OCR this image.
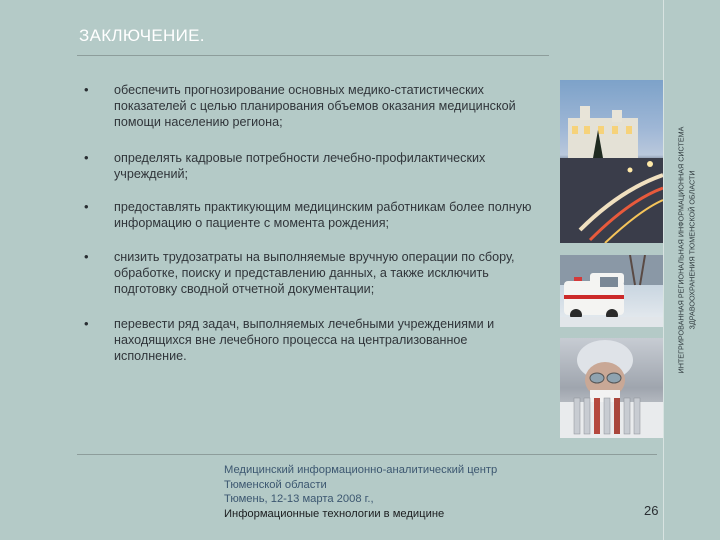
ЗАКЛЮЧЕНИЕ.
• обеспечить прогнозирование основных медико-статистических показателей с целью планирования объемов оказания медицинской помощи населению региона;
• определять кадровые потребности лечебно-профилактических учреждений;
• предоставлять практикующим медицинским работникам более полную информацию о пациенте с момента рождения;
• снизить трудозатраты на выполняемые вручную операции по сбору, обработке, поиску и представлению данных, а также исключить подготовку сводной отчетной документации;
• перевести ряд задач, выполняемых лечебными учреждениями и находящихся вне лечебного процесса на централизованное исполнение.	ИНТЕГРИРОВАННАЯ РЕГИОНАЛЬНАЯ ИНФОРМАЦИОННАЯ СИСТЕМА ЗДРАВООХРАНЕНИЯ ТЮМЕНСКОЙ ОБЛАСТИ
Медицинский информационно-аналитический центр
Тюменской области
Тюмень, 12-13 марта 2008 г.,
Информационные технологии в медицине	26
